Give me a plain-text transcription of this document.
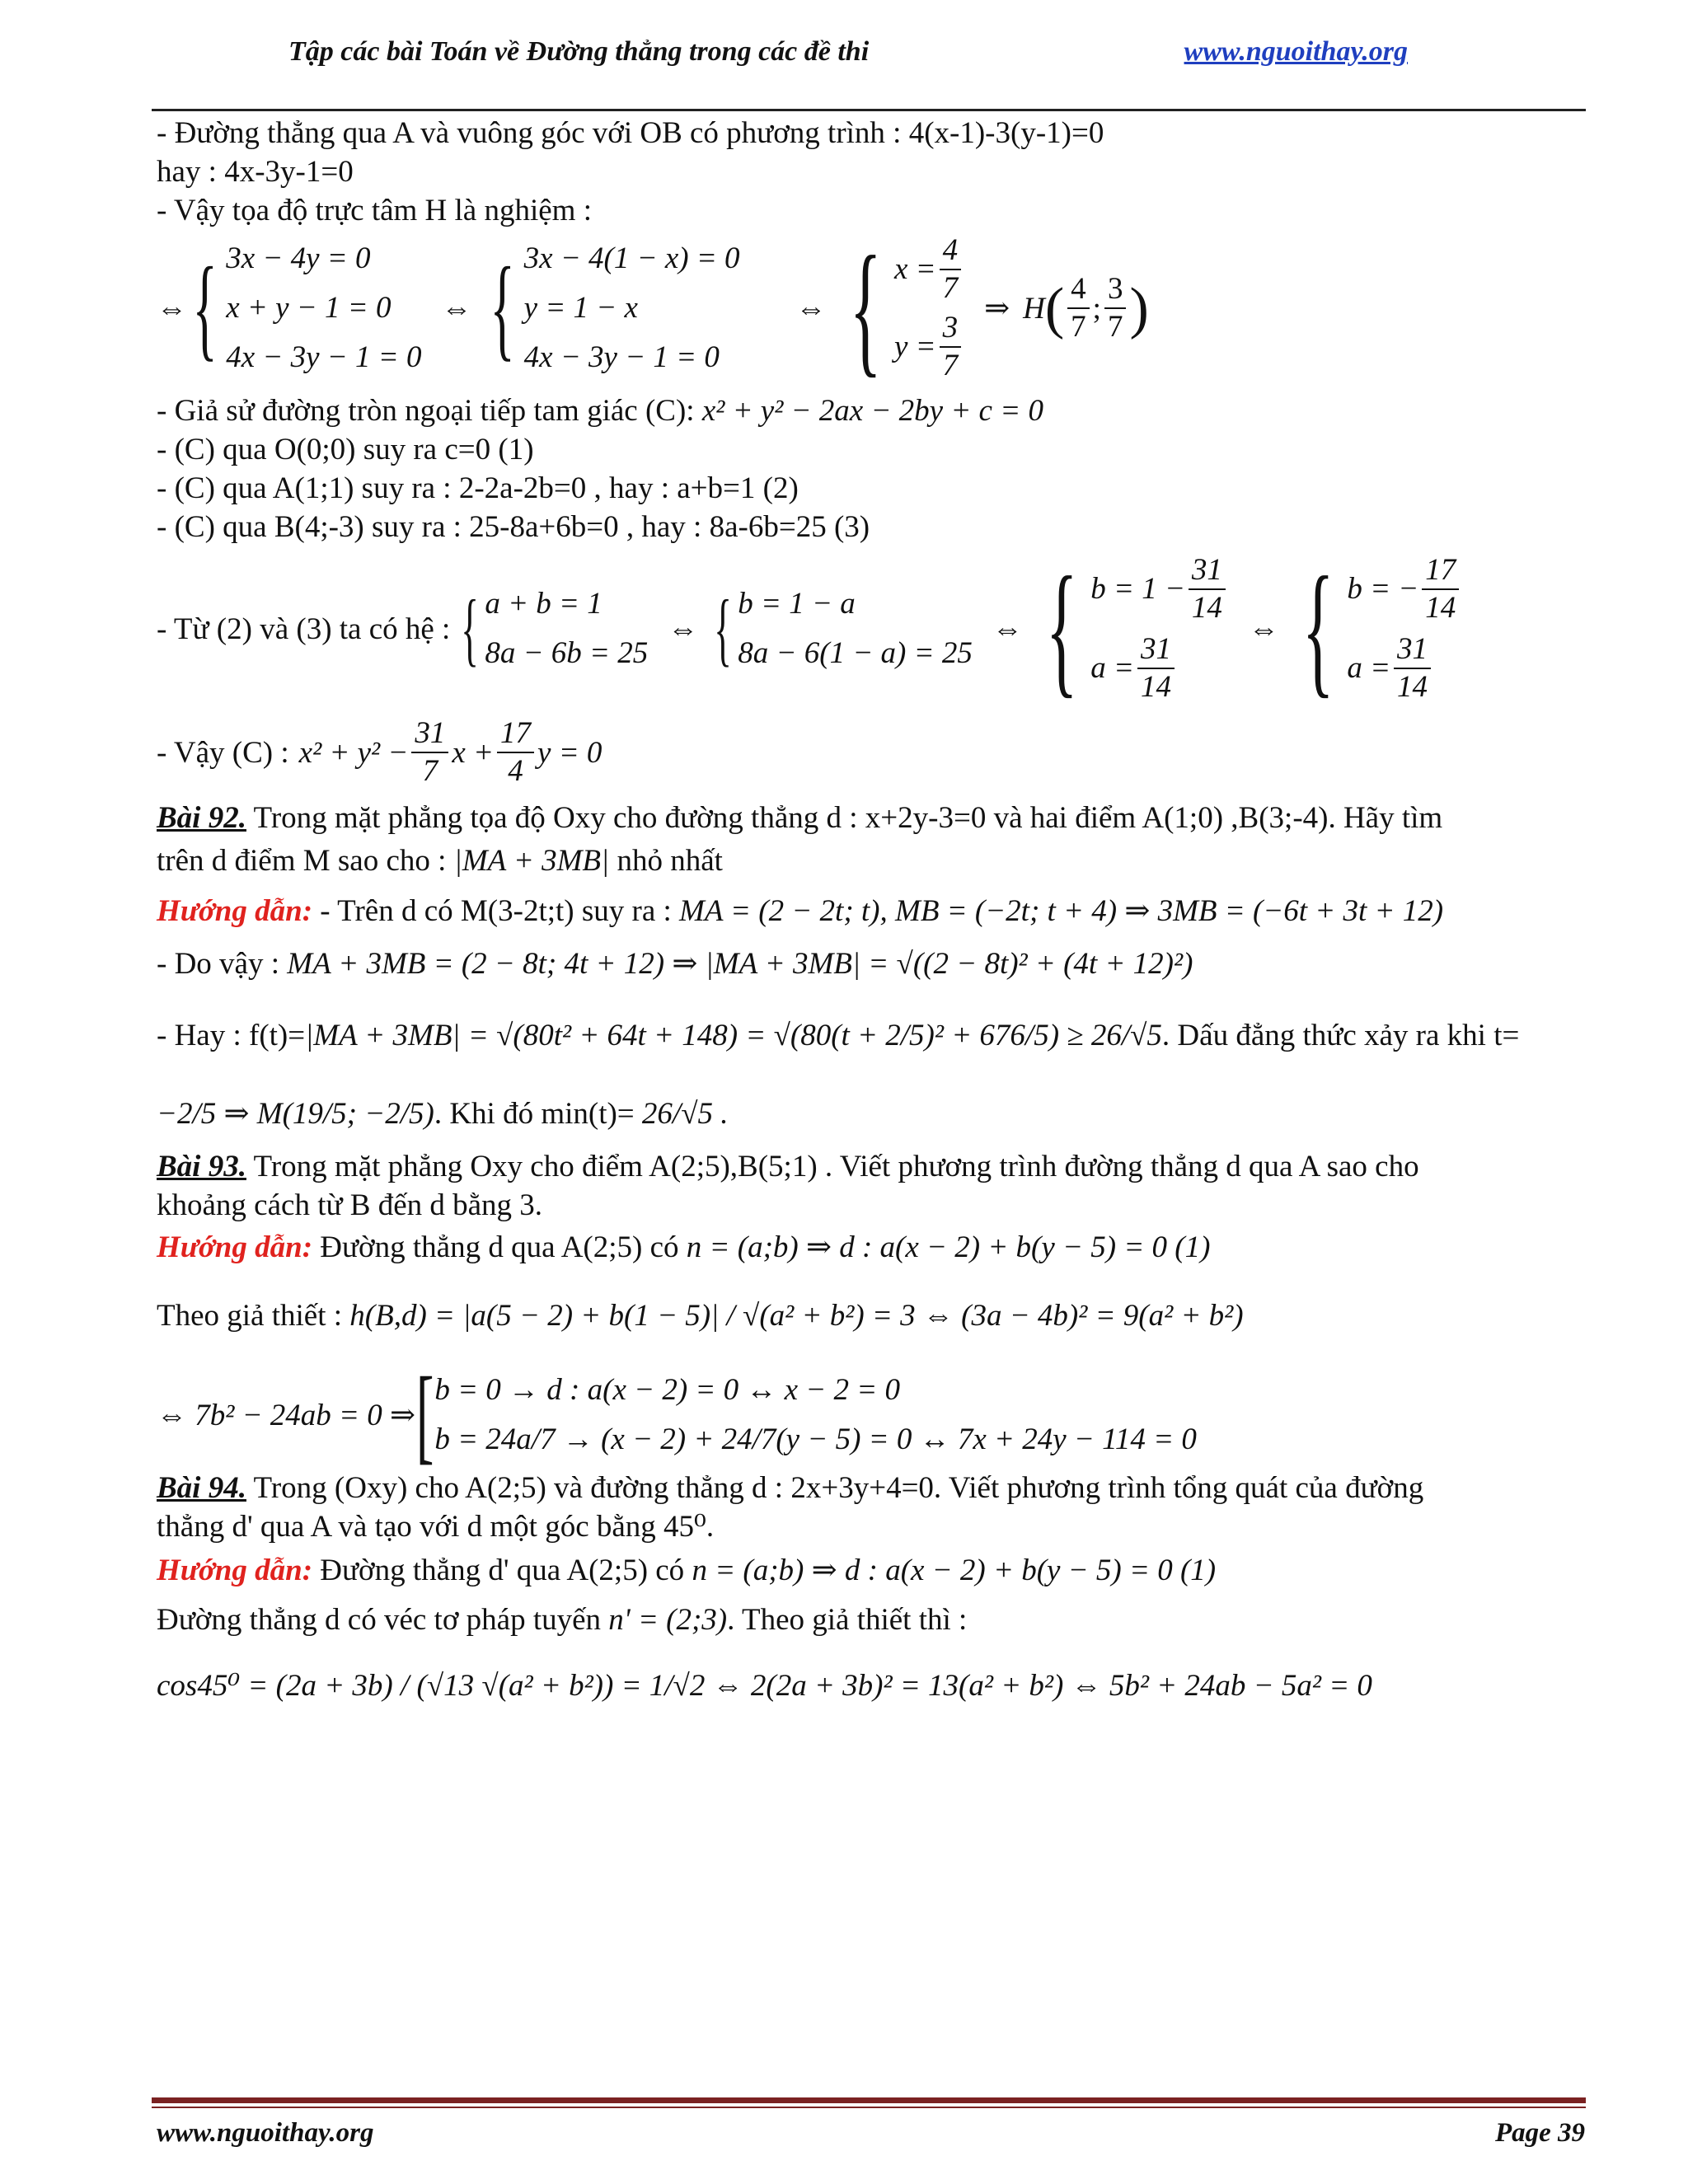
Tập các bài Toán về Đường thẳng trong các đề thi	www.nguoithay.org

- Đường thẳng qua A và vuông góc với OB có phương trình : 4(x-1)-3(y-1)=0

hay : 4x-3y-1=0

- Vậy tọa độ trực tâm H là nghiệm :

⇔ { 3x − 4y = 0
x + y − 1 = 0
4x − 3y − 1 = 0
⇔ { 3x − 4(1 − x) = 0
y = 1 − x
4x − 3y − 1 = 0
⇔ { $x = \frac{4}{7}$
$y = \frac{3}{7}$
⇒ H ( $\frac{4}{7}$ ; $\frac{3}{7}$ )

- Giả sử đường tròn ngoại tiếp tam giác (C): x² + y² − 2ax − 2by + c = 0

- (C) qua O(0;0) suy ra c=0 (1)

- (C) qua A(1;1) suy ra : 2-2a-2b=0 , hay : a+b=1 (2)

- (C) qua B(4;-3) suy ra : 25-8a+6b=0 , hay : 8a-6b=25 (3)

- Từ (2) và (3) ta có hệ : { a + b = 1
8a − 6b = 25
⇔ { b = 1 − a
8a − 6(1 − a) = 25
⇔ { $b = 1 - \frac{31}{14}$
$a = \frac{31}{14}$
⇔ { b = − $\frac{17}{14}$
$a = \frac{31}{14}$
- Vậy (C) : $x^2 + y^2 - \frac{31}{7}$ $x + \frac{17}{4}$ y = 0

Bài 92. Trong mặt phẳng tọa độ Oxy cho đường thẳng d : x+2y-3=0 và hai điểm A(1;0) ,B(3;-4). Hãy tìm

trên d điểm M sao cho : |MA + 3MB| nhỏ nhất

Hướng dẫn: - Trên d có M(3-2t;t) suy ra : MA = (2 − 2t; t), MB = (−2t; t + 4) ⇒ 3MB = (−6t + 3t + 12)

- Do vậy : MA + 3MB = (2 − 8t; 4t + 12) ⇒ |MA + 3MB| = √((2 − 8t)² + (4t + 12)²)

- Hay : f(t)=|MA + 3MB| = √(80t² + 64t + 148) = √(80(t + 2/5)² + 676/5) ≥ 26/√5. Dấu đẳng thức xảy ra khi t=

−2/5 ⇒ M(19/5; −2/5). Khi đó min(t)= 26/√5 .

Bài 93. Trong mặt phẳng Oxy cho điểm A(2;5),B(5;1) . Viết phương trình đường thẳng d qua A sao cho

khoảng cách từ B đến d bằng 3.

Hướng dẫn: Đường thẳng d qua A(2;5) có n = (a;b) ⇒ d : a(x − 2) + b(y − 5) = 0 (1)

Theo giả thiết : h(B,d) = |a(5 − 2) + b(1 − 5)| / √(a² + b²) = 3 ⇔ (3a − 4b)² = 9(a² + b²)

⇔ 7b² − 24ab = 0 ⇒ [ b = 0 → d : a(x − 2) = 0 ↔ x − 2 = 0
b = 24a/7 → (x − 2) + 24/7(y − 5) = 0 ↔ 7x + 24y − 114 = 0

Bài 94. Trong (Oxy) cho A(2;5) và đường thẳng d : 2x+3y+4=0. Viết phương trình tổng quát của đường

thẳng d' qua A và tạo với d một góc bằng 45⁰.

Hướng dẫn: Đường thẳng d' qua A(2;5) có n = (a;b) ⇒ d : a(x − 2) + b(y − 5) = 0 (1)

Đường thẳng d có véc tơ pháp tuyến n' = (2;3). Theo giả thiết thì :

cos45⁰ = (2a + 3b) / (√13 √(a² + b²)) = 1/√2 ⇔ 2(2a + 3b)² = 13(a² + b²) ⇔ 5b² + 24ab − 5a² = 0

www.nguoithay.org	Page 39
